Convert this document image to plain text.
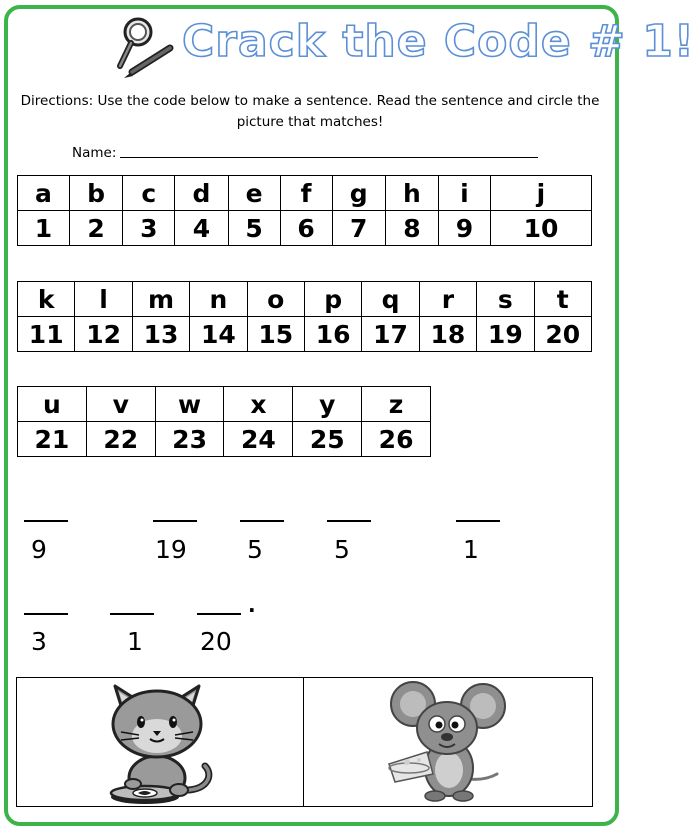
Crack the Code # 1!
Directions: Use the code below to make a sentence. Read the sentence and circle the picture that matches!
Name:
a	b	c	d	e	f	g	h	i	j
1	2	3	4	5	6	7	8	9	10
k	l	m	n	o	p	q	r	s	t
11	12	13	14	15	16	17	18	19	20
u	v	w	x	y	z
21	22	23	24	25	26
9	19 5	5	1
.
3	1 20
